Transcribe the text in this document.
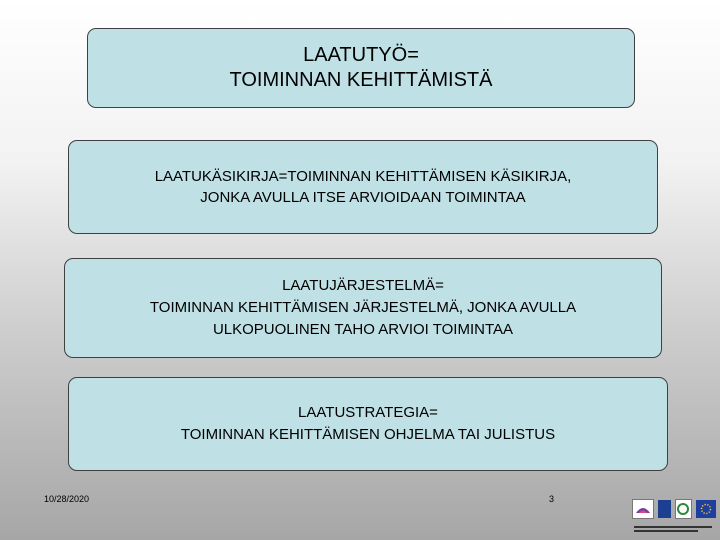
LAATUTYÖ=
TOIMINNAN KEHITTÄMISTÄ
LAATUKÄSIKIRJA=TOIMINNAN KEHITTÄMISEN KÄSIKIRJA,
JONKA AVULLA ITSE ARVIOIDAAN TOIMINTAA
LAATUJÄRJESTELMÄ=
TOIMINNAN KEHITTÄMISEN JÄRJESTELMÄ, JONKA AVULLA
ULKOPUOLINEN TAHO ARVIOI TOIMINTAA
LAATUSTRATEGIA=
TOIMINNAN KEHITTÄMISEN OHJELMA TAI JULISTUS
10/28/2020	3
